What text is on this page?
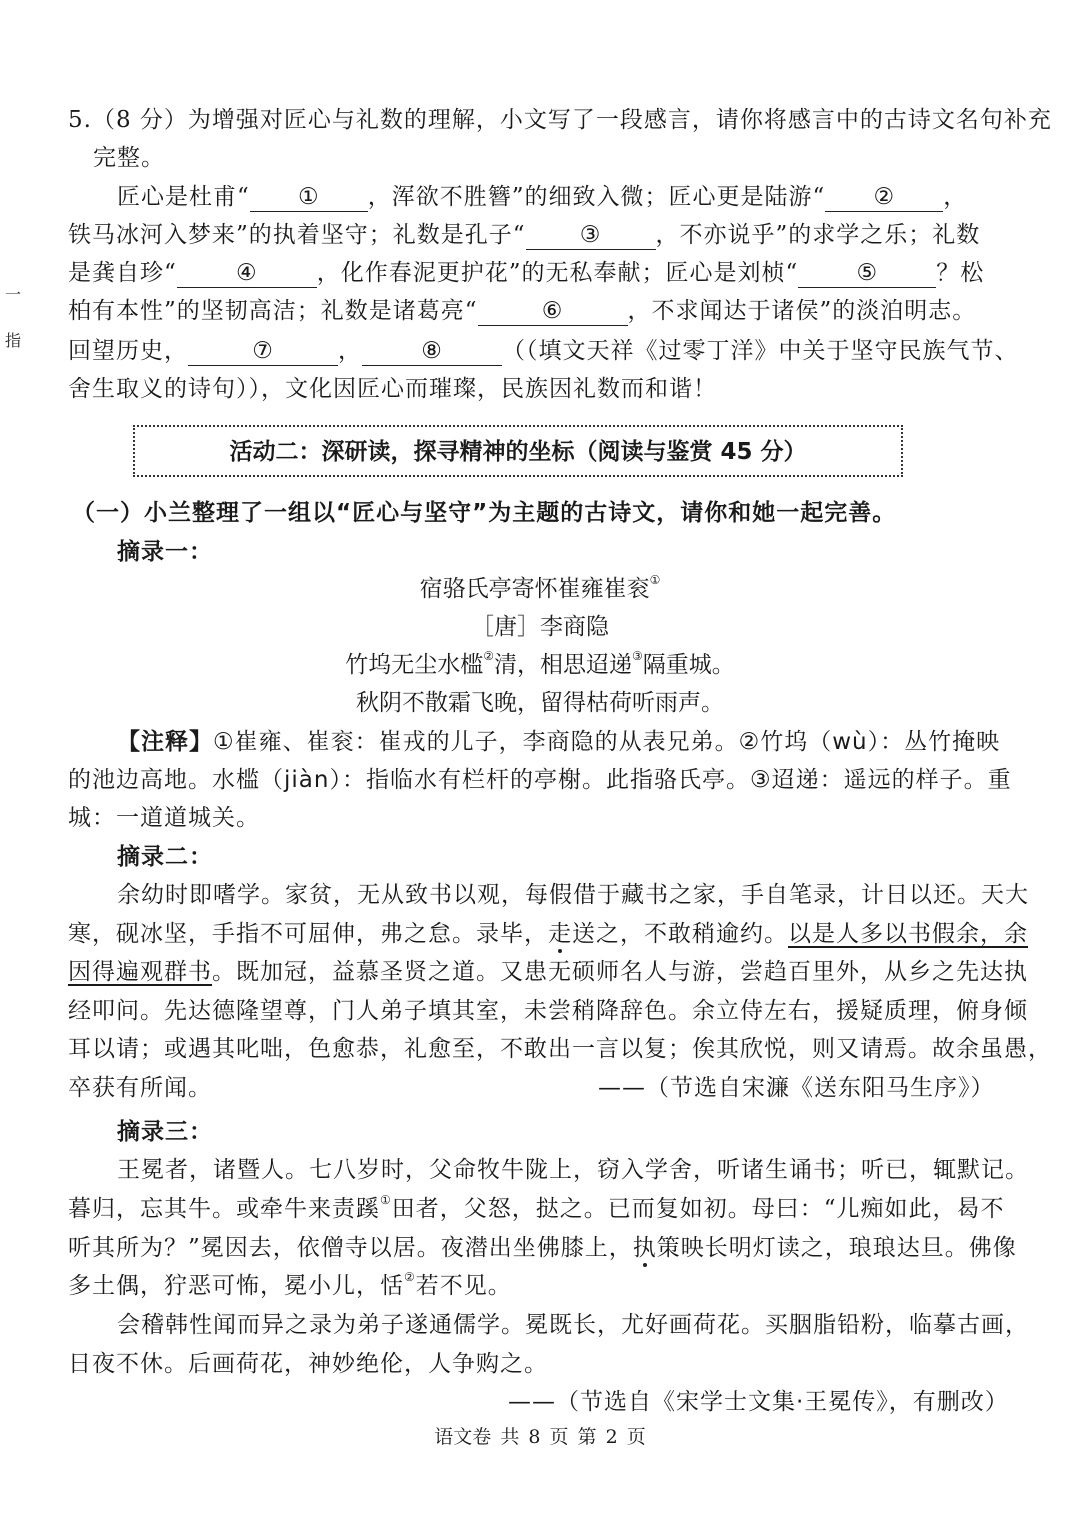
5.（8 分）为增强对匠心与礼数的理解，小文写了一段感言，请你将感言中的古诗文名句补充
完整。
匠心是杜甫“ ① ，浑欲不胜簪”的细致入微；匠心更是陆游“ ② ，
铁马冰河入梦来”的执着坚守；礼数是孔子“ ③ ，不亦说乎”的求学之乐；礼数
是龚自珍“	④	，化作春泥更护花”的无私奉献；匠心是刘桢“	⑤	？松
柏有本性”的坚韧高洁；礼数是诸葛亮“	⑥	，不求闻达于诸侯”的淡泊明志。
回望历史，	⑦	，	⑧	（（填文天祥《过零丁洋》中关于坚守民族气节、
舍生取义的诗句）），文化因匠心而璀璨，民族因礼数而和谐！
一
指
活动二：深研读，探寻精神的坐标（阅读与鉴赏 45 分）
（一）小兰整理了一组以“匠心与坚守”为主题的古诗文，请你和她一起完善。
摘录一：
宿骆氏亭寄怀崔雍崔衮①
［唐］李商隐
竹坞无尘水槛②清，相思迢递③隔重城。
秋阴不散霜飞晚，留得枯荷听雨声。
【注释】①崔雍、崔衮：崔戎的儿子，李商隐的从表兄弟。②竹坞（wù）：丛竹掩映
的池边高地。水槛（jiàn）：指临水有栏杆的亭榭。此指骆氏亭。③迢递：遥远的样子。重
城：一道道城关。
摘录二：
余幼时即嗜学。家贫，无从致书以观，每假借于藏书之家，手自笔录，计日以还。天大
寒，砚冰坚，手指不可屈伸，弗之怠。录毕，走送之，不敢稍逾约。以是人多以书假余，余
因得遍观群书。既加冠，益慕圣贤之道。又患无硕师名人与游，尝趋百里外，从乡之先达执
经叩问。先达德隆望尊，门人弟子填其室，未尝稍降辞色。余立侍左右，援疑质理，俯身倾
耳以请；或遇其叱咄，色愈恭，礼愈至，不敢出一言以复；俟其欣悦，则又请焉。故余虽愚，
卒获有所闻。	——（节选自宋濂《送东阳马生序》）
摘录三：
王冕者，诸暨人。七八岁时，父命牧牛陇上，窃入学舍，听诸生诵书；听已，辄默记。
暮归，忘其牛。或牵牛来责蹊①田者，父怒，挞之。已而复如初。母曰：“儿痴如此，曷不
听其所为？”冕因去，依僧寺以居。夜潜出坐佛膝上，执策映长明灯读之，琅琅达旦。佛像
多土偶，狞恶可怖，冕小儿，恬②若不见。
会稽韩性闻而异之录为弟子遂通儒学。冕既长，尤好画荷花。买胭脂铅粉，临摹古画，
日夜不休。后画荷花，神妙绝伦，人争购之。
——（节选自《宋学士文集·王冕传》，有删改）
语文卷 共 8 页 第 2 页
